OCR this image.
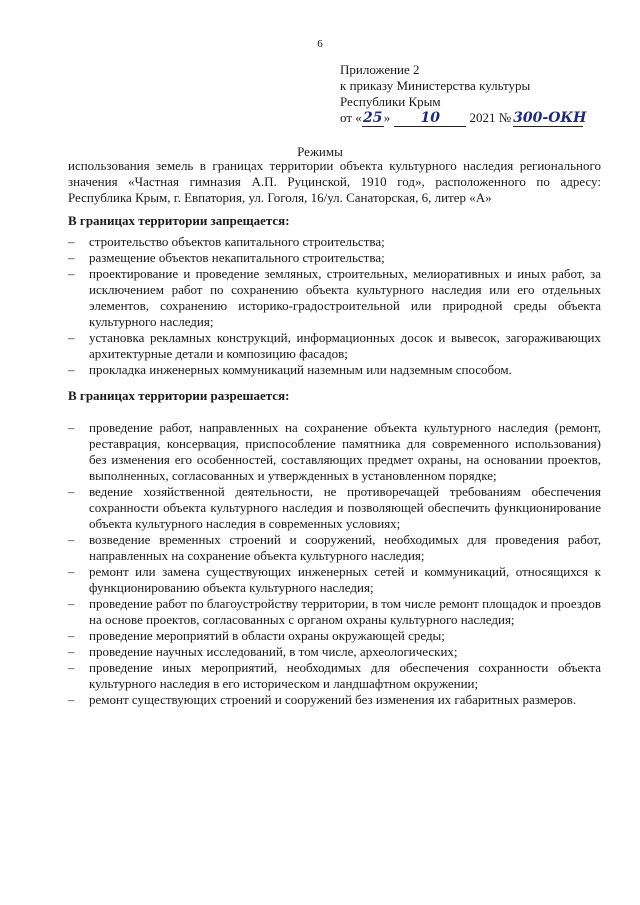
6
Приложение 2
к приказу Министерства культуры
Республики Крым
от «25» 10 2021 № 300-ОКН
Режимы
использования земель в границах территории объекта культурного наследия регионального значения «Частная гимназия А.П. Руцинской, 1910 год», расположенного по адресу: Республика Крым, г. Евпатория, ул. Гоголя, 16/ул. Санаторская, 6, литер «А»
В границах территории запрещается:
– строительство объектов капитального строительства;
– размещение объектов некапитального строительства;
– проектирование и проведение земляных, строительных, мелиоративных и иных работ, за исключением работ по сохранению объекта культурного наследия или его отдельных элементов, сохранению историко-градостроительной или природной среды объекта культурного наследия;
– установка рекламных конструкций, информационных досок и вывесок, загораживающих архитектурные детали и композицию фасадов;
– прокладка инженерных коммуникаций наземным или надземным способом.
В границах территории разрешается:
– проведение работ, направленных на сохранение объекта культурного наследия (ремонт, реставрация, консервация, приспособление памятника для современного использования) без изменения его особенностей, составляющих предмет охраны, на основании проектов, выполненных, согласованных и утвержденных в установленном порядке;
– ведение хозяйственной деятельности, не противоречащей требованиям обеспечения сохранности объекта культурного наследия и позволяющей обеспечить функционирование объекта культурного наследия в современных условиях;
– возведение временных строений и сооружений, необходимых для проведения работ, направленных на сохранение объекта культурного наследия;
– ремонт или замена существующих инженерных сетей и коммуникаций, относящихся к функционированию объекта культурного наследия;
– проведение работ по благоустройству территории, в том числе ремонт площадок и проездов на основе проектов, согласованных с органом охраны культурного наследия;
– проведение мероприятий в области охраны окружающей среды;
– проведение научных исследований, в том числе, археологических;
– проведение иных мероприятий, необходимых для обеспечения сохранности объекта культурного наследия в его историческом и ландшафтном окружении;
– ремонт существующих строений и сооружений без изменения их габаритных размеров.
